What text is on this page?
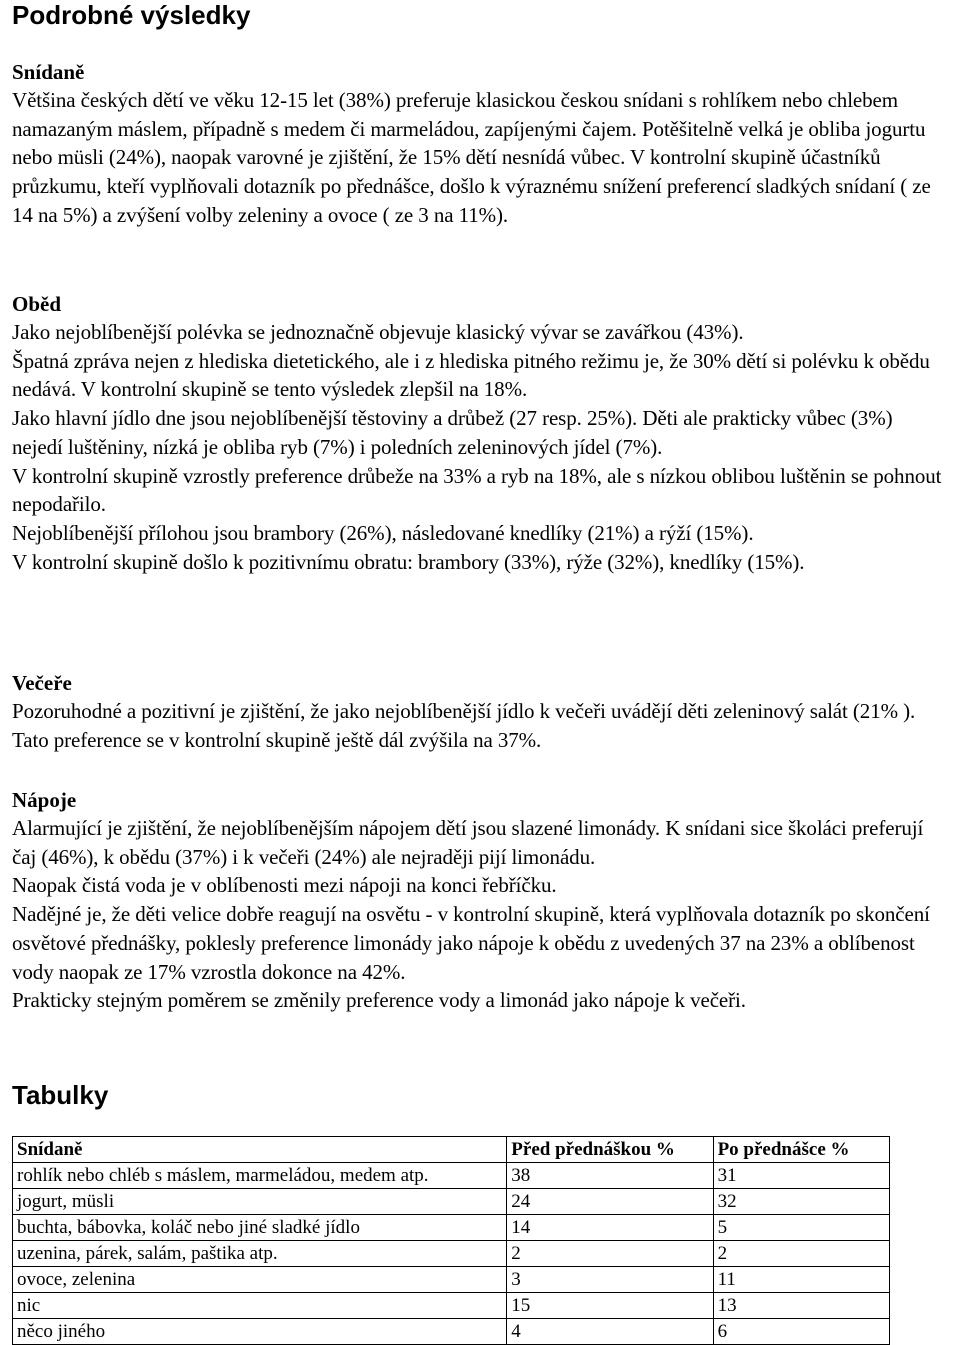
Podrobné výsledky
Snídaně

Většina českých dětí ve věku 12-15 let (38%) preferuje klasickou českou snídani s rohlíkem nebo chlebem namazaným máslem, případně s medem či marmeládou, zapíjenými čajem. Potěšitelně velká je obliba jogurtu nebo müsli (24%), naopak varovné je zjištění, že 15% dětí nesnídá vůbec. V kontrolní skupině účastníků průzkumu, kteří vyplňovali dotazník po přednášce, došlo k výraznému snížení preferencí sladkých snídaní ( ze 14 na 5%) a zvýšení volby zeleniny a ovoce ( ze 3 na 11%).

Oběd

Jako nejoblíbenější polévka se jednoznačně objevuje klasický vývar se zavářkou (43%).

Špatná zpráva nejen z hlediska dietetického, ale i z hlediska pitného režimu je, že 30% dětí si polévku k obědu nedává. V kontrolní skupině se tento výsledek zlepšil na 18%.

Jako hlavní jídlo dne jsou nejoblíbenější těstoviny a drůbež (27 resp. 25%). Děti ale prakticky vůbec (3%) nejedí luštěniny, nízká je obliba ryb (7%) i poledních zeleninových jídel (7%).

V kontrolní skupině vzrostly preference drůbeže na 33% a ryb na 18%, ale s nízkou oblibou luštěnin se pohnout nepodařilo.

Nejoblíbenější přílohou jsou brambory (26%), následované knedlíky (21%) a rýží (15%).

V kontrolní skupině došlo k pozitivnímu obratu: brambory (33%), rýže (32%), knedlíky (15%).

Večeře

Pozoruhodné a pozitivní je zjištění, že jako nejoblíbenější jídlo k večeři uvádějí děti zeleninový salát (21% ). Tato preference se v kontrolní skupině ještě dál zvýšila na 37%.

Nápoje

Alarmující je zjištění, že nejoblíbenějším nápojem dětí jsou slazené limonády. K snídani sice školáci preferují čaj (46%), k obědu (37%) i k večeři (24%) ale nejraději pijí limonádu.

Naopak čistá voda je v oblíbenosti mezi nápoji na konci řebříčku.

Nadějné je, že děti velice dobře reagují na osvětu - v kontrolní skupině, která vyplňovala dotazník po skončení osvětové přednášky, poklesly preference limonády jako nápoje k obědu z uvedených 37 na 23% a oblíbenost vody naopak ze 17% vzrostla dokonce na 42%.

Prakticky stejným poměrem se změnily preference vody a limonád jako nápoje k večeři.

Tabulky
Snídaně	Před přednáškou %	Po přednášce %
rohlík nebo chléb s máslem, marmeládou, medem atp.	38	31
jogurt, müsli	24	32
buchta, bábovka, koláč nebo jiné sladké jídlo	14	5
uzenina, párek, salám, paštika atp.	2	2
ovoce, zelenina	3	11
nic	15	13
něco jiného	4	6
